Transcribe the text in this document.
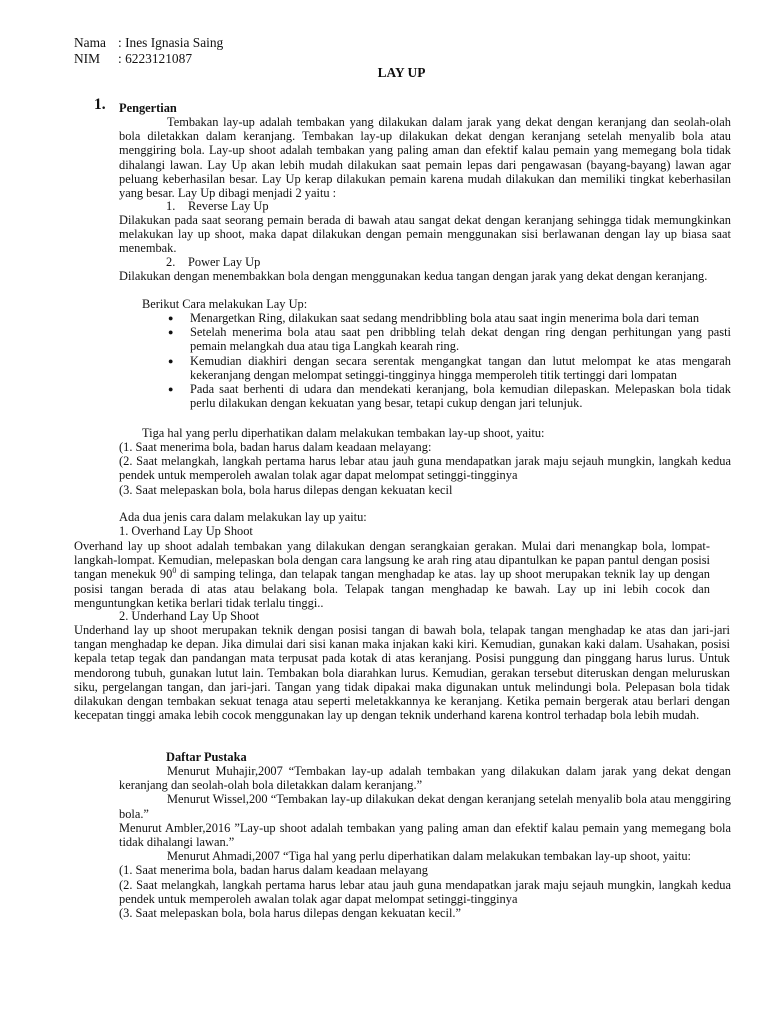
Nama : Ines Ignasia Saing
NIM : 6223121087
LAY UP
1. Pengertian

Tembakan lay-up adalah tembakan yang dilakukan dalam jarak yang dekat dengan keranjang dan seolah-olah bola diletakkan dalam keranjang. Tembakan lay-up dilakukan dekat dengan keranjang setelah menyalib bola atau menggiring bola. Lay-up shoot adalah tembakan yang paling aman dan efektif kalau pemain yang memegang bola tidak dihalangi lawan. Lay Up akan lebih mudah dilakukan saat pemain lepas dari pengawasan (bayang-bayang) lawan agar peluang keberhasilan besar. Lay Up kerap dilakukan pemain karena mudah dilakukan dan memiliki tingkat keberhasilan yang besar. Lay Up dibagi menjadi 2 yaitu :

1. Reverse Lay Up

Dilakukan pada saat seorang pemain berada di bawah atau sangat dekat dengan keranjang sehingga tidak memungkinkan melakukan lay up shoot, maka dapat dilakukan dengan pemain menggunakan sisi berlawanan dengan lay up biasa saat menembak.

2. Power Lay Up

Dilakukan dengan menembakkan bola dengan menggunakan kedua tangan dengan jarak yang dekat dengan keranjang.

Berikut Cara melakukan Lay Up:
● Menargetkan Ring, dilakukan saat sedang mendribbling bola atau saat ingin menerima bola dari teman
● Setelah menerima bola atau saat pen dribbling telah dekat dengan ring dengan perhitungan yang pasti pemain melangkah dua atau tiga Langkah kearah ring.
● Kemudian diakhiri dengan secara serentak mengangkat tangan dan lutut melompat ke atas mengarah kekeranjang dengan melompat setinggi-tingginya hingga memperoleh titik tertinggi dari lompatan
● Pada saat berhenti di udara dan mendekati keranjang, bola kemudian dilepaskan. Melepaskan bola tidak perlu dilakukan dengan kekuatan yang besar, tetapi cukup dengan jari telunjuk.
Tiga hal yang perlu diperhatikan dalam melakukan tembakan lay-up shoot, yaitu:

(1. Saat menerima bola, badan harus dalam keadaan melayang:

(2. Saat melangkah, langkah pertama harus lebar atau jauh guna mendapatkan jarak maju sejauh mungkin, langkah kedua pendek untuk memperoleh awalan tolak agar dapat melompat setinggi-tingginya

(3. Saat melepaskan bola, bola harus dilepas dengan kekuatan kecil

Ada dua jenis cara dalam melakukan lay up yaitu:
1. Overhand Lay Up Shoot

Overhand lay up shoot adalah tembakan yang dilakukan dengan serangkaian gerakan. Mulai dari menangkap bola, lompat-langkah-lompat. Kemudian, melepaskan bola dengan cara langsung ke arah ring atau dipantulkan ke papan pantul dengan posisi tangan menekuk $90^0$ di samping telinga, dan telapak tangan menghadap ke atas. lay up shoot merupakan teknik lay up dengan posisi tangan berada di atas atau belakang bola. Telapak tangan menghadap ke bawah. Lay up ini lebih cocok dan menguntungkan ketika berlari tidak terlalu tinggi..

2. Underhand Lay Up Shoot

Underhand lay up shoot merupakan teknik dengan posisi tangan di bawah bola, telapak tangan menghadap ke atas dan jari-jari tangan menghadap ke depan. Jika dimulai dari sisi kanan maka injakan kaki kiri. Kemudian, gunakan kaki dalam. Usahakan, posisi kepala tetap tegak dan pandangan mata terpusat pada kotak di atas keranjang. Posisi punggung dan pinggang harus lurus. Untuk mendorong tubuh, gunakan lutut lain. Tembakan bola diarahkan lurus. Kemudian, gerakan tersebut diteruskan dengan meluruskan siku, pergelangan tangan, dan jari-jari. Tangan yang tidak dipakai maka digunakan untuk melindungi bola. Pelepasan bola tidak dilakukan dengan tembakan sekuat tenaga atau seperti meletakkannya ke keranjang. Ketika pemain bergerak atau berlari dengan kecepatan tinggi amaka lebih cocok menggunakan lay up dengan teknik underhand karena kontrol terhadap bola lebih mudah.

Daftar Pustaka

Menurut Muhajir,2007 “Tembakan lay-up adalah tembakan yang dilakukan dalam jarak yang dekat dengan keranjang dan seolah-olah bola diletakkan dalam keranjang.”

Menurut Wissel,200 “Tembakan lay-up dilakukan dekat dengan keranjang setelah menyalib bola atau menggiring bola.”

Menurut Ambler,2016 ”Lay-up shoot adalah tembakan yang paling aman dan efektif kalau pemain yang memegang bola tidak dihalangi lawan.”

Menurut Ahmadi,2007 “Tiga hal yang perlu diperhatikan dalam melakukan tembakan lay-up shoot, yaitu:

(1. Saat menerima bola, badan harus dalam keadaan melayang

(2. Saat melangkah, langkah pertama harus lebar atau jauh guna mendapatkan jarak maju sejauh mungkin, langkah kedua pendek untuk memperoleh awalan tolak agar dapat melompat setinggi-tingginya

(3. Saat melepaskan bola, bola harus dilepas dengan kekuatan kecil.”
